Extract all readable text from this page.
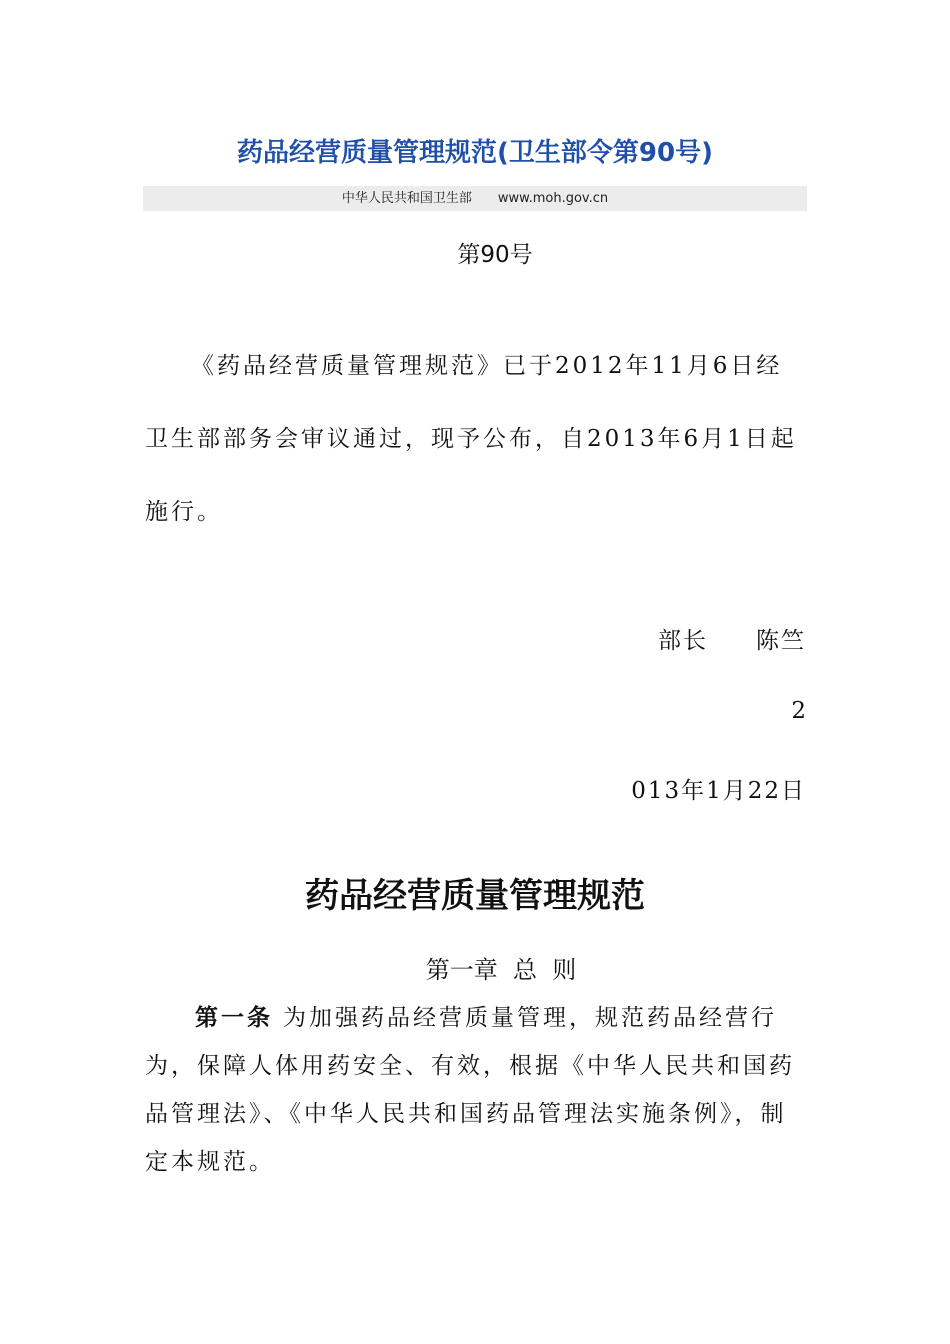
药品经营质量管理规范(卫生部令第90号)
中华人民共和国卫生部 www.moh.gov.cn
第90号

《药品经营质量管理规范》已于2012年11月6日经卫生部部务会审议通过，现予公布，自2013年6月1日起施行。

部长 陈竺
2
013年1月22日
药品经营质量管理规范
第一章  总  则

第一条 为加强药品经营质量管理，规范药品经营行为，保障人体用药安全、有效，根据《中华人民共和国药品管理法》、《中华人民共和国药品管理法实施条例》，制定本规范。
